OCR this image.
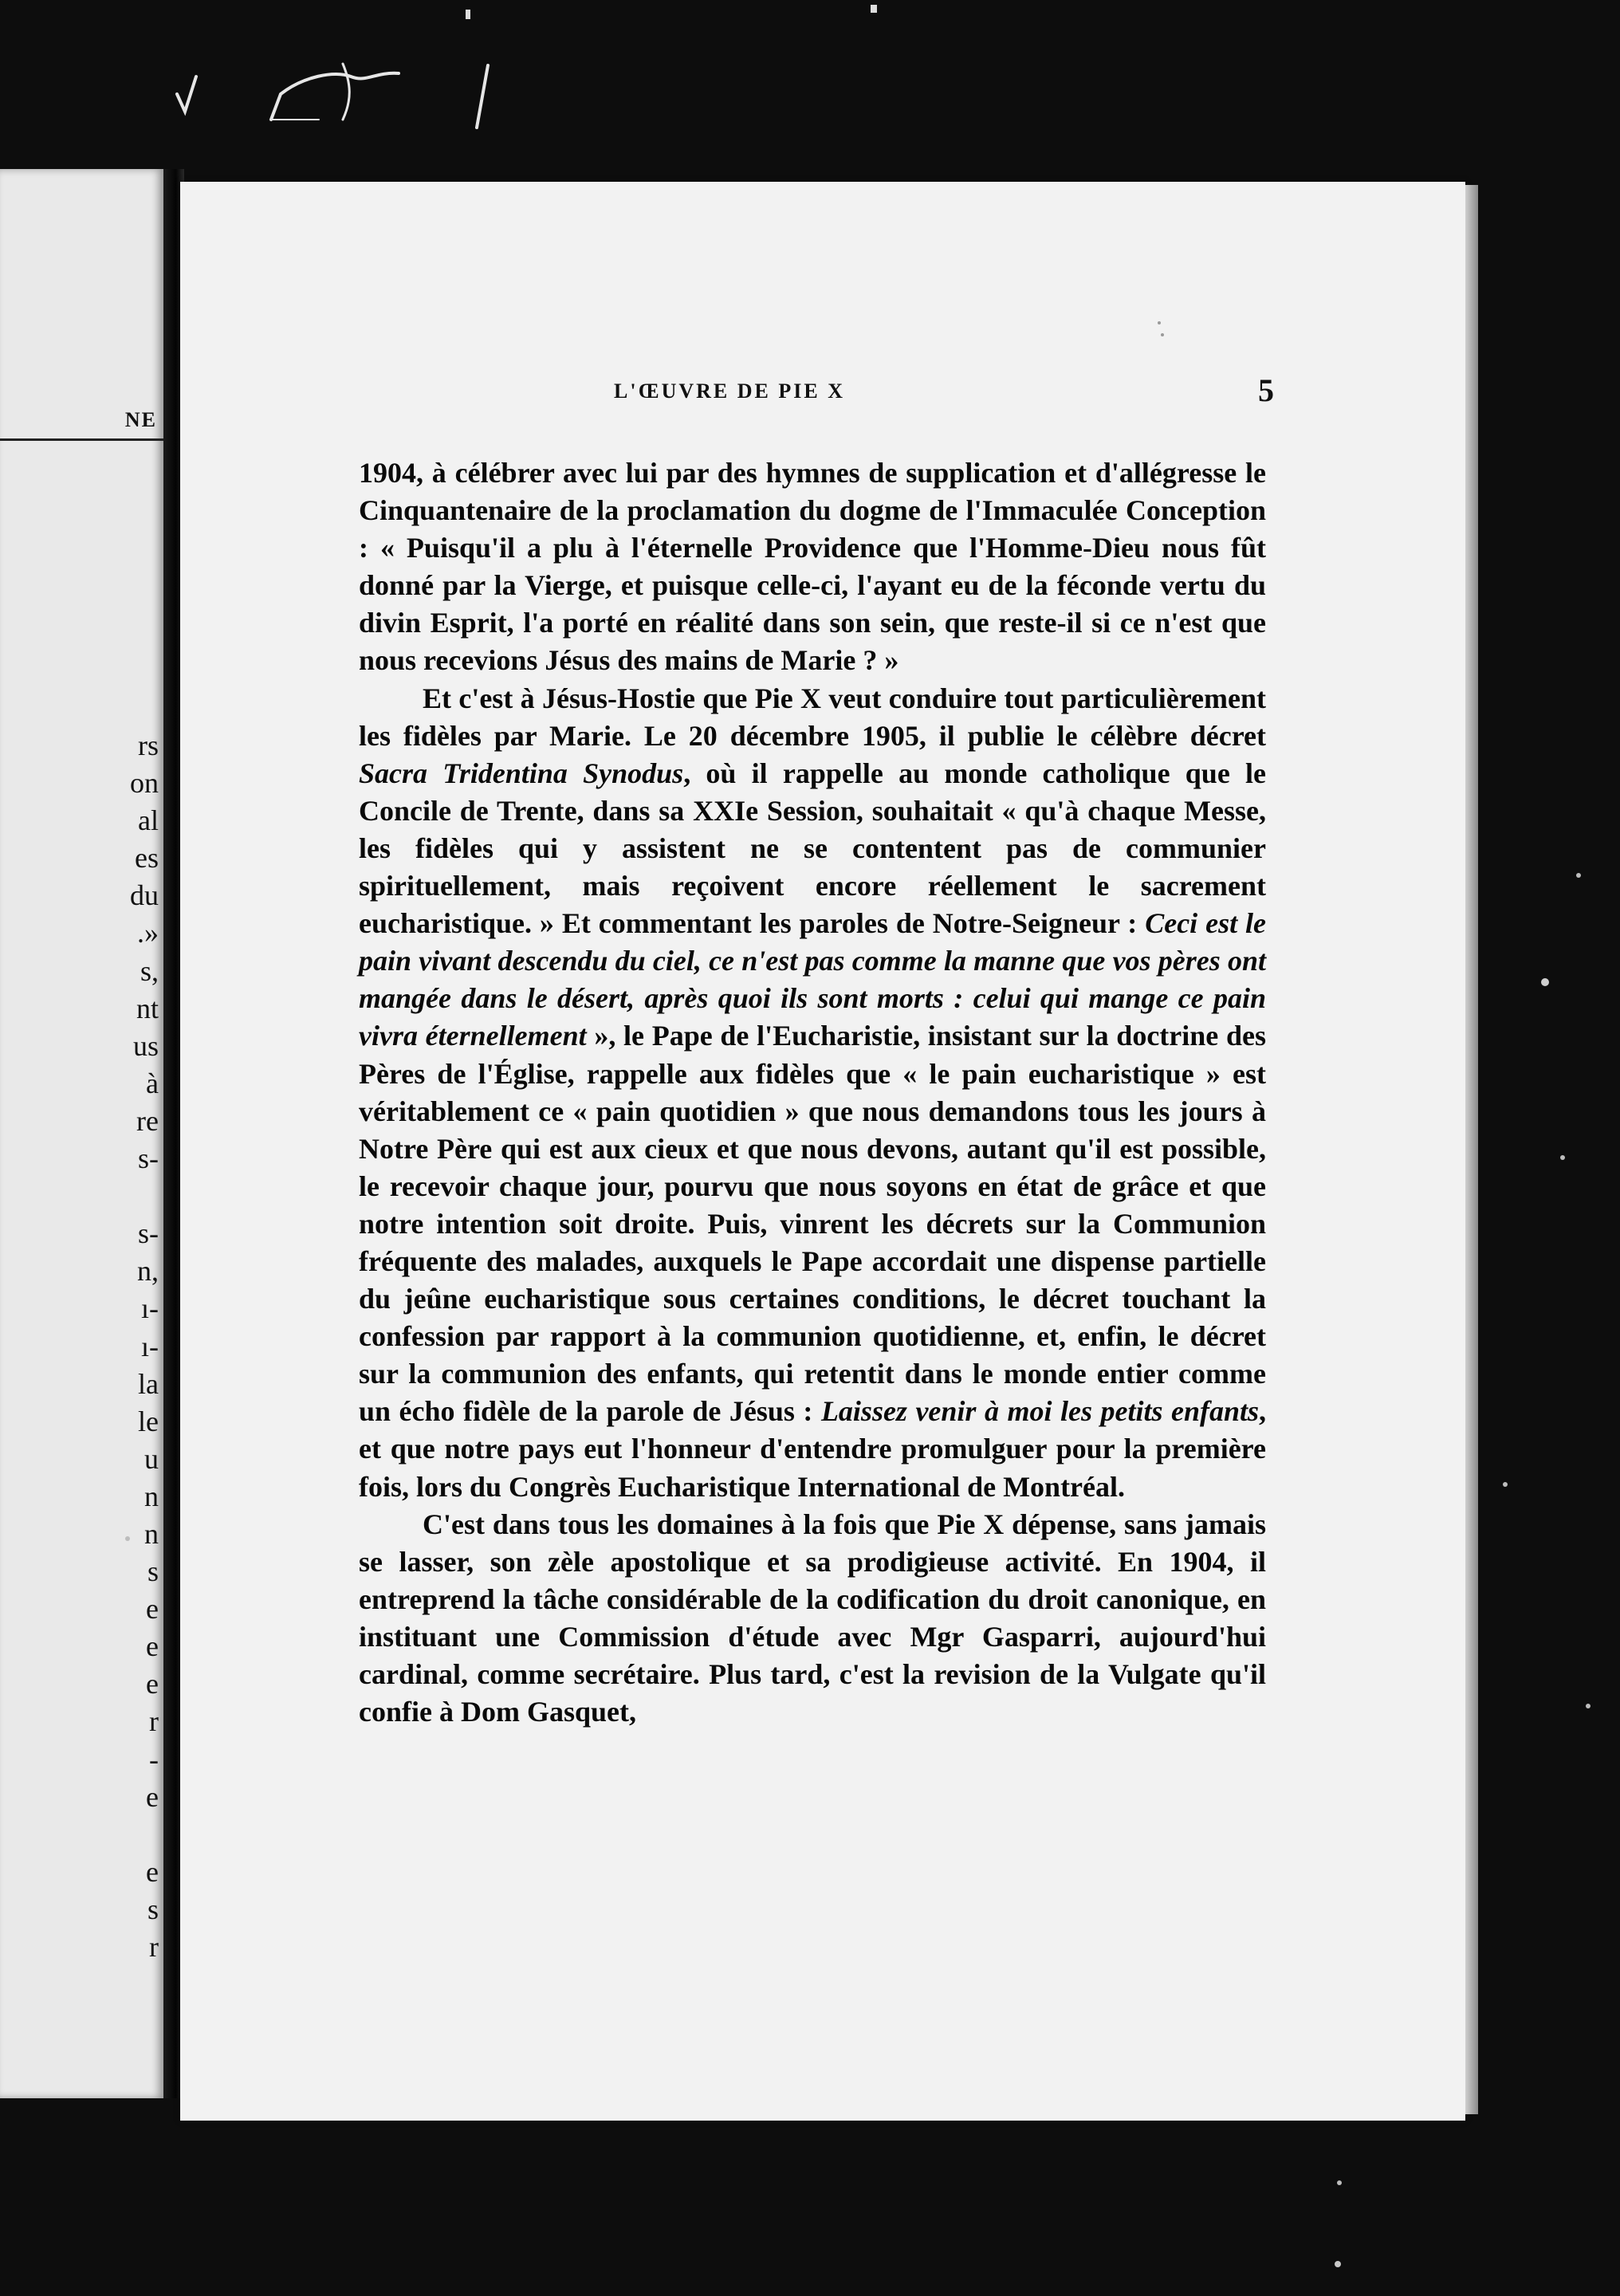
NE
rs
on
al
es
du
.»
s,
nt
us
à
re
s-
s-
n,
ı-
ı-
la
le
u
n
n
s
e
e
e
r
-
e
e
s
r
L'ŒUVRE DE PIE X	5

1904, à célébrer avec lui par des hymnes de supplication et d'allégresse le Cinquantenaire de la proclamation du dogme de l'Immaculée Conception : « Puisqu'il a plu à l'éternelle Providence que l'Homme-Dieu nous fût donné par la Vierge, et puisque celle-ci, l'ayant eu de la féconde vertu du divin Esprit, l'a porté en réalité dans son sein, que reste-il si ce n'est que nous recevions Jésus des mains de Marie ? »

Et c'est à Jésus-Hostie que Pie X veut conduire tout particulièrement les fidèles par Marie. Le 20 décembre 1905, il publie le célèbre décret Sacra Tridentina Synodus, où il rappelle au monde catholique que le Concile de Trente, dans sa XXIe Session, souhaitait « qu'à chaque Messe, les fidèles qui y assistent ne se contentent pas de communier spirituellement, mais reçoivent encore réellement le sacrement eucharistique. » Et commentant les paroles de Notre-Seigneur : Ceci est le pain vivant descendu du ciel, ce n'est pas comme la manne que vos pères ont mangée dans le désert, après quoi ils sont morts : celui qui mange ce pain vivra éternellement », le Pape de l'Eucharistie, insistant sur la doctrine des Pères de l'Église, rappelle aux fidèles que « le pain eucharistique » est véritablement ce « pain quotidien » que nous demandons tous les jours à Notre Père qui est aux cieux et que nous devons, autant qu'il est possible, le recevoir chaque jour, pourvu que nous soyons en état de grâce et que notre intention soit droite. Puis, vinrent les décrets sur la Communion fréquente des malades, auxquels le Pape accordait une dispense partielle du jeûne eucharistique sous certaines conditions, le décret touchant la confession par rapport à la communion quotidienne, et, enfin, le décret sur la communion des enfants, qui retentit dans le monde entier comme un écho fidèle de la parole de Jésus : Laissez venir à moi les petits enfants, et que notre pays eut l'honneur d'entendre promulguer pour la première fois, lors du Congrès Eucharistique International de Montréal.

C'est dans tous les domaines à la fois que Pie X dépense, sans jamais se lasser, son zèle apostolique et sa prodigieuse activité. En 1904, il entreprend la tâche considérable de la codification du droit canonique, en instituant une Commission d'étude avec Mgr Gasparri, aujourd'hui cardinal, comme secrétaire. Plus tard, c'est la revision de la Vulgate qu'il confie à Dom Gasquet,
